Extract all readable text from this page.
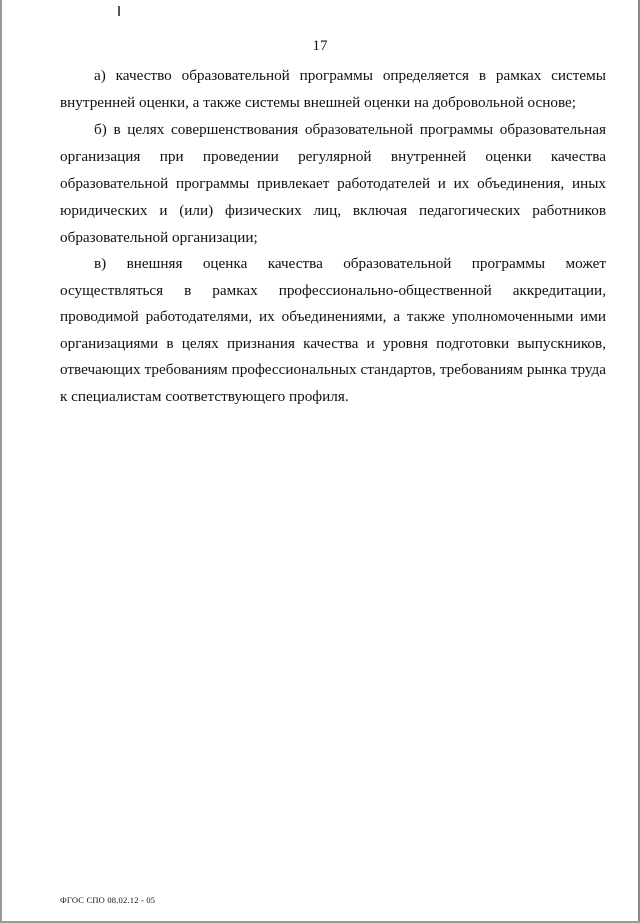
17
а) качество образовательной программы определяется в рамках системы
внутренней оценки, а также системы внешней оценки на добровольной основе;
б) в целях совершенствования образовательной программы образовательная
организация при проведении регулярной внутренней оценки качества
образовательной программы привлекает работодателей и их объединения, иных
юридических и (или) физических лиц, включая педагогических работников
образовательной организации;
в) внешняя оценка качества образовательной программы может
осуществляться в рамках профессионально-общественной аккредитации,
проводимой работодателями, их объединениями, а также уполномоченными ими
организациями в целях признания качества и уровня подготовки выпускников,
отвечающих требованиям профессиональных стандартов, требованиям рынка труда
к специалистам соответствующего профиля.
ФГОС СПО 08.02.12 - 05
